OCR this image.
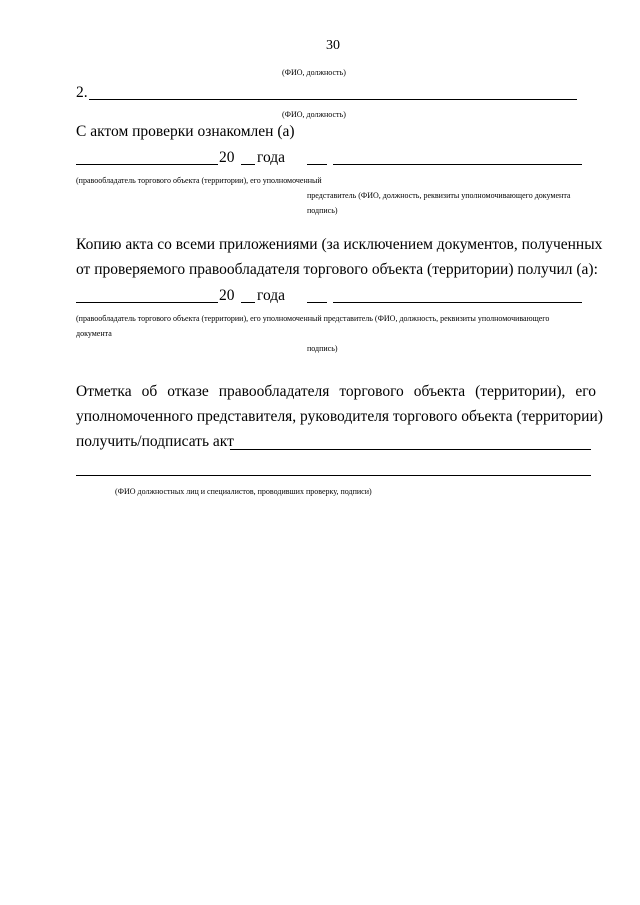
30
(ФИО, должность)
2.
(ФИО, должность)
С актом проверки ознакомлен (а)
20 года
(правообладатель торгового объекта (территории), его уполномоченный
представитель (ФИО, должность, реквизиты уполномочивающего документа
подпись)
Копию акта со всеми приложениями (за исключением документов, полученных
от проверяемого правообладателя торгового объекта (территории) получил (а):
20 года
(правообладатель торгового объекта (территории), его уполномоченный представитель (ФИО, должность, реквизиты уполномочивающего
документа
подпись)
Отметка об отказе правообладателя торгового объекта (территории), его
уполномоченного представителя, руководителя торгового объекта (территории)
получить/подписать акт
(ФИО должностных лиц и специалистов, проводивших проверку, подписи)
